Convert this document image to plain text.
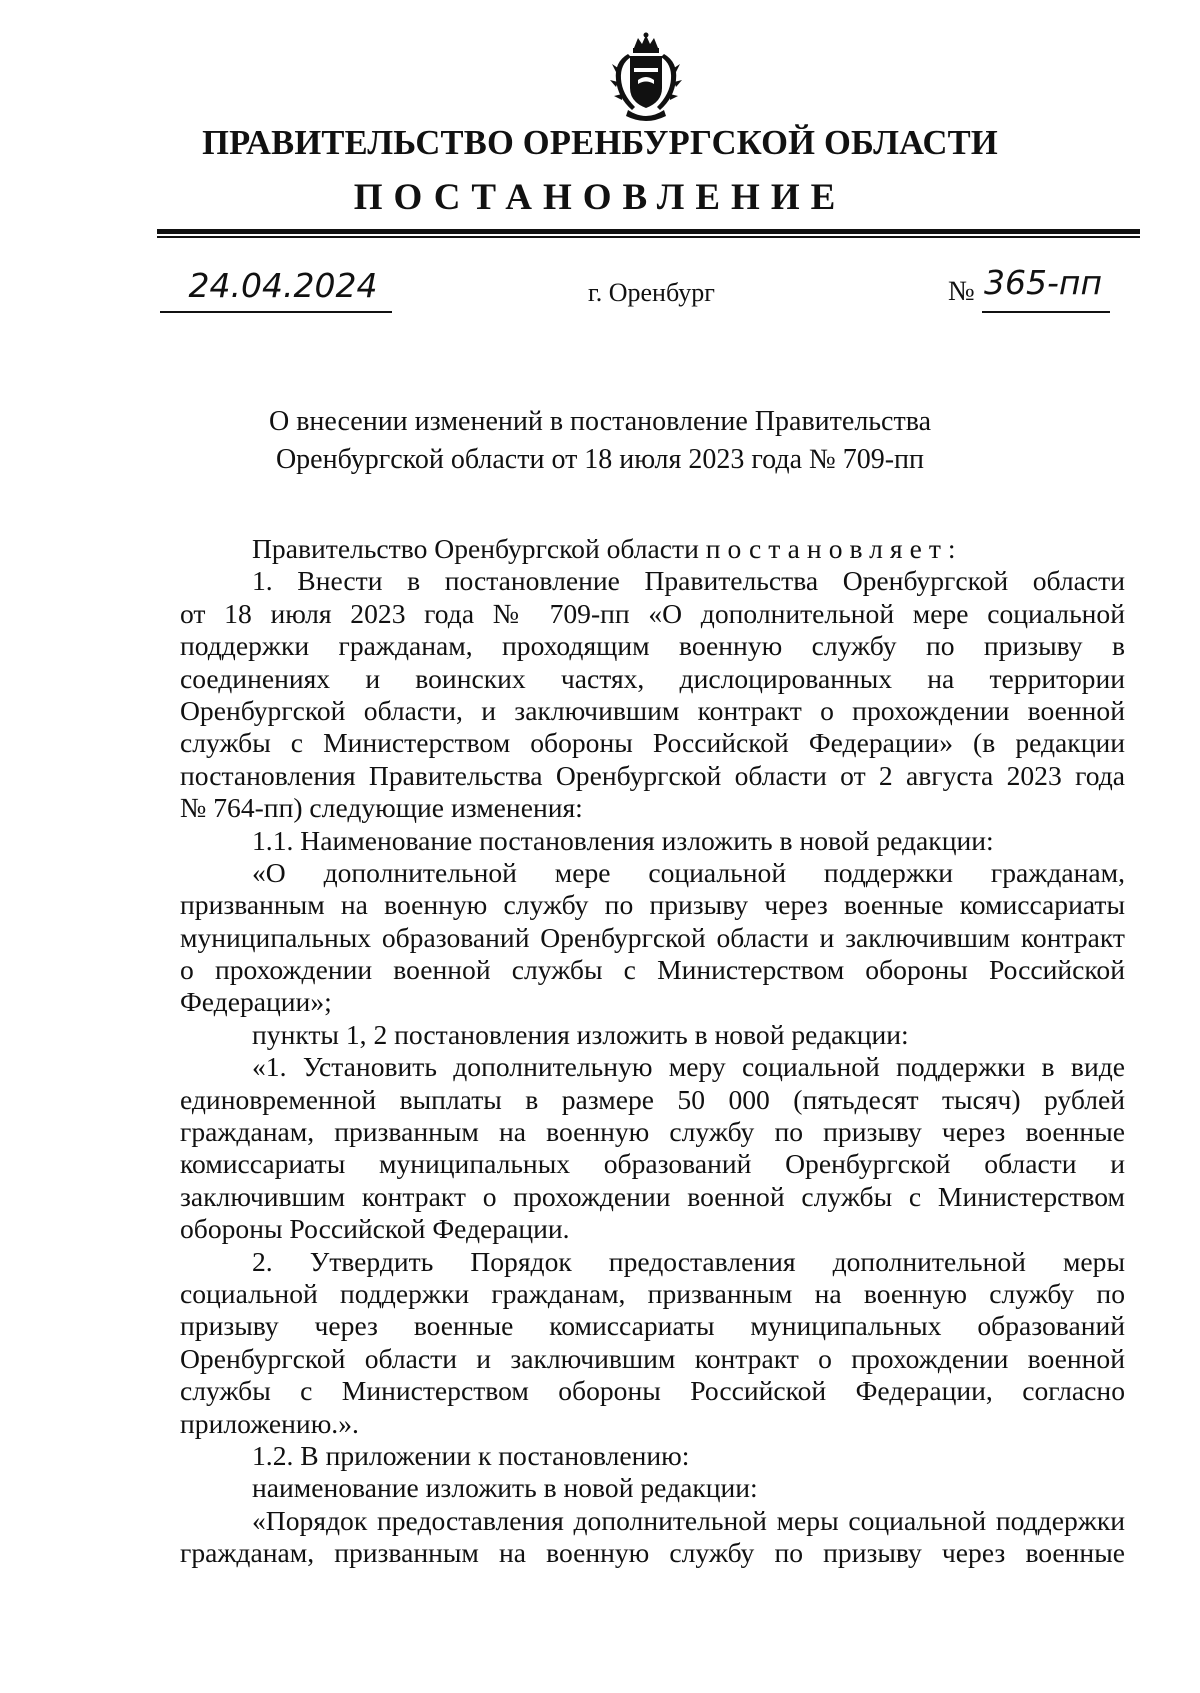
ПРАВИТЕЛЬСТВО ОРЕНБУРГСКОЙ ОБЛАСТИ
ПОСТАНОВЛЕНИЕ
24.04.2024	г. Оренбург	№ 365-пп
О внесении изменений в постановление Правительства
Оренбургской области от 18 июля 2023 года № 709-пп
Правительство Оренбургской области постановляет:
1. Внести в постановление Правительства Оренбургской области
от 18 июля 2023 года № 709-пп «О дополнительной мере социальной
поддержки гражданам, проходящим военную службу по призыву в
соединениях и воинских частях, дислоцированных на территории
Оренбургской области, и заключившим контракт о прохождении военной
службы с Министерством обороны Российской Федерации» (в редакции
постановления Правительства Оренбургской области от 2 августа 2023 года
№ 764-пп) следующие изменения:
1.1. Наименование постановления изложить в новой редакции:
«О дополнительной мере социальной поддержки гражданам,
призванным на военную службу по призыву через военные комиссариаты
муниципальных образований Оренбургской области и заключившим контракт
о прохождении военной службы с Министерством обороны Российской
Федерации»;
пункты 1, 2 постановления изложить в новой редакции:
«1. Установить дополнительную меру социальной поддержки в виде
единовременной выплаты в размере 50 000 (пятьдесят тысяч) рублей
гражданам, призванным на военную службу по призыву через военные
комиссариаты муниципальных образований Оренбургской области и
заключившим контракт о прохождении военной службы с Министерством
обороны Российской Федерации.
2. Утвердить Порядок предоставления дополнительной меры
социальной поддержки гражданам, призванным на военную службу по
призыву через военные комиссариаты муниципальных образований
Оренбургской области и заключившим контракт о прохождении военной
службы с Министерством обороны Российской Федерации, согласно
приложению.».
1.2. В приложении к постановлению:
наименование изложить в новой редакции:
«Порядок предоставления дополнительной меры социальной поддержки
гражданам, призванным на военную службу по призыву через военные
